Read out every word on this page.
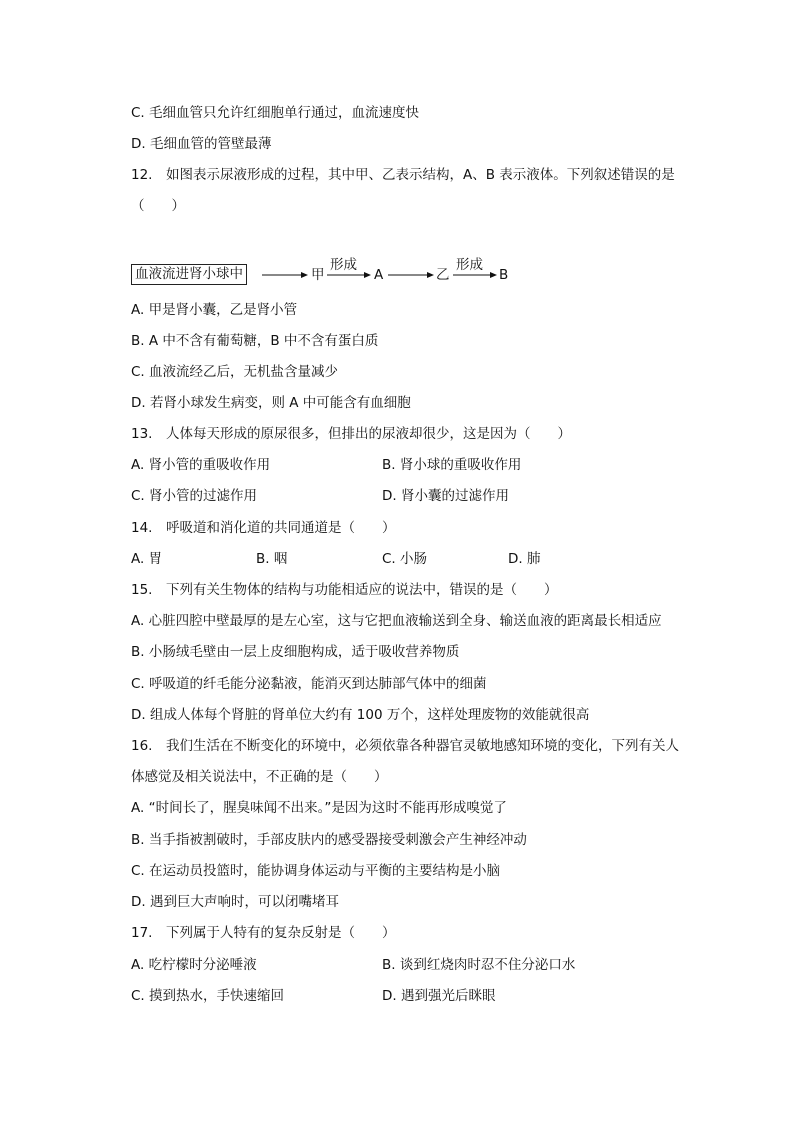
C. 毛细血管只允许红细胞单行通过，血流速度快
D. 毛细血管的管壁最薄
12. 如图表示尿液形成的过程，其中甲、乙表示结构，A、B 表示液体。下列叙述错误的是
（　　）
血液流进肾小球中	甲
形成
A	乙
形成
B
A. 甲是肾小囊，乙是肾小管
B. A 中不含有葡萄糖，B 中不含有蛋白质
C. 血液流经乙后，无机盐含量减少
D. 若肾小球发生病变，则 A 中可能含有血细胞
13. 人体每天形成的原尿很多，但排出的尿液却很少，这是因为（　　）
A. 肾小管的重吸收作用	B. 肾小球的重吸收作用
C. 肾小管的过滤作用	D. 肾小囊的过滤作用
14. 呼吸道和消化道的共同通道是（　　）
A. 胃	B. 咽	C. 小肠	D. 肺
15. 下列有关生物体的结构与功能相适应的说法中，错误的是（　　）
A. 心脏四腔中壁最厚的是左心室，这与它把血液输送到全身、输送血液的距离最长相适应
B. 小肠绒毛壁由一层上皮细胞构成，适于吸收营养物质
C. 呼吸道的纤毛能分泌黏液，能消灭到达肺部气体中的细菌
D. 组成人体每个肾脏的肾单位大约有 100 万个，这样处理废物的效能就很高
16. 我们生活在不断变化的环境中，必须依靠各种器官灵敏地感知环境的变化，下列有关人
体感觉及相关说法中，不正确的是（　　）
A. “时间长了，腥臭味闻不出来。”是因为这时不能再形成嗅觉了
B. 当手指被割破时，手部皮肤内的感受器接受刺激会产生神经冲动
C. 在运动员投篮时，能协调身体运动与平衡的主要结构是小脑
D. 遇到巨大声响时，可以闭嘴堵耳
17. 下列属于人特有的复杂反射是（　　）
A. 吃柠檬时分泌唾液	B. 谈到红烧肉时忍不住分泌口水
C. 摸到热水，手快速缩回	D. 遇到强光后眯眼
